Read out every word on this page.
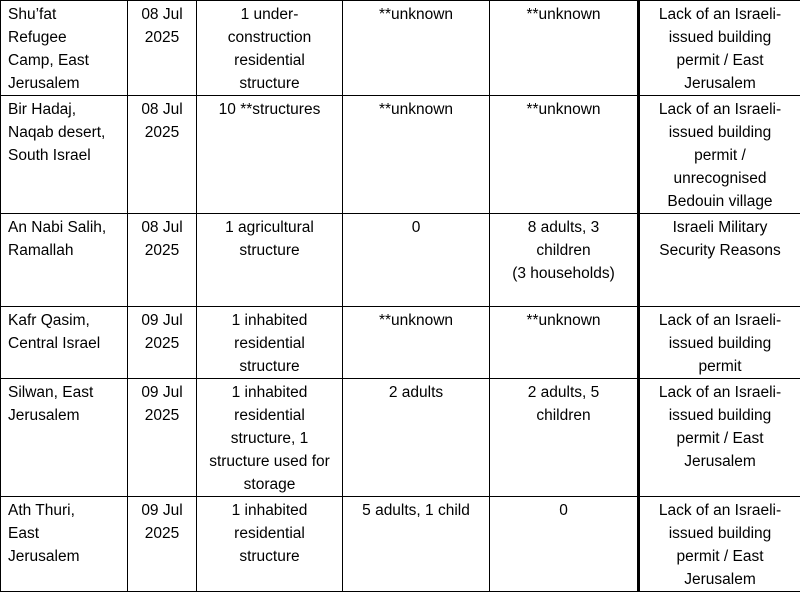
Shu’fat
Refugee
Camp, East
Jerusalem	08 Jul
2025	1 under-
construction
residential
structure	**unknown	**unknown	Lack of an Israeli-
issued building
permit / East
Jerusalem

Bir Hadaj,
Naqab desert,
South Israel	08 Jul
2025	10 **structures	**unknown	**unknown	Lack of an Israeli-
issued building
permit /
unrecognised
Bedouin village

An Nabi Salih,
Ramallah	08 Jul
2025	1 agricultural
structure	0	8 adults, 3
children
(3 households)	Israeli Military
Security Reasons

Kafr Qasim,
Central Israel	09 Jul
2025	1 inhabited
residential
structure	**unknown	**unknown	Lack of an Israeli-
issued building
permit

Silwan, East
Jerusalem	09 Jul
2025	1 inhabited
residential
structure, 1
structure used for
storage	2 adults	2 adults, 5
children	Lack of an Israeli-
issued building
permit / East
Jerusalem

Ath Thuri,
East
Jerusalem	09 Jul
2025	1 inhabited
residential
structure	5 adults, 1 child	0	Lack of an Israeli-
issued building
permit / East
Jerusalem
